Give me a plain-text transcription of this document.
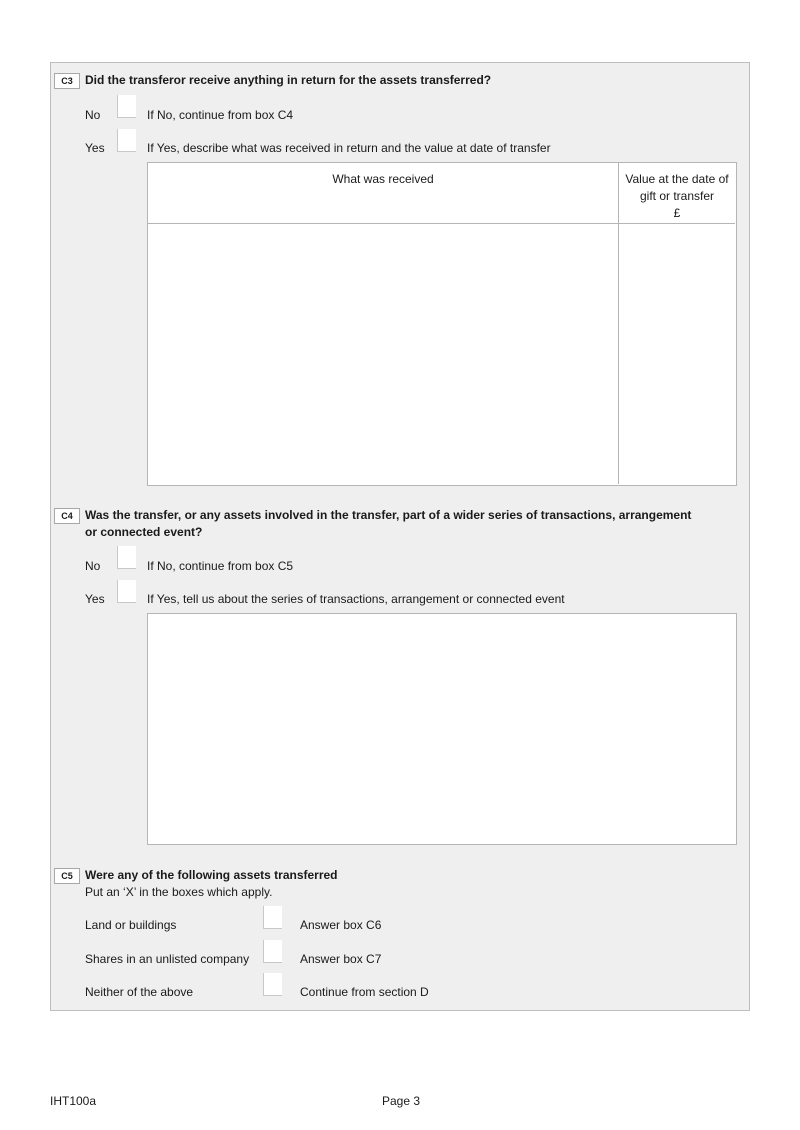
C3	Did the transferor receive anything in return for the assets transferred?
No	If No, continue from box C4
Yes	If Yes, describe what was received in return and the value at date of transfer
What was received	Value at the date of
gift or transfer
£
C4	Was the transfer, or any assets involved in the transfer, part of a wider series of transactions, arrangement
or connected event?
No	If No, continue from box C5
Yes	If Yes, tell us about the series of transactions, arrangement or connected event
C5	Were any of the following assets transferred
Put an ‘X’ in the boxes which apply.
Land or buildings	Answer box C6
Shares in an unlisted company	Answer box C7
Neither of the above	Continue from section D
IHT100a	Page 3
